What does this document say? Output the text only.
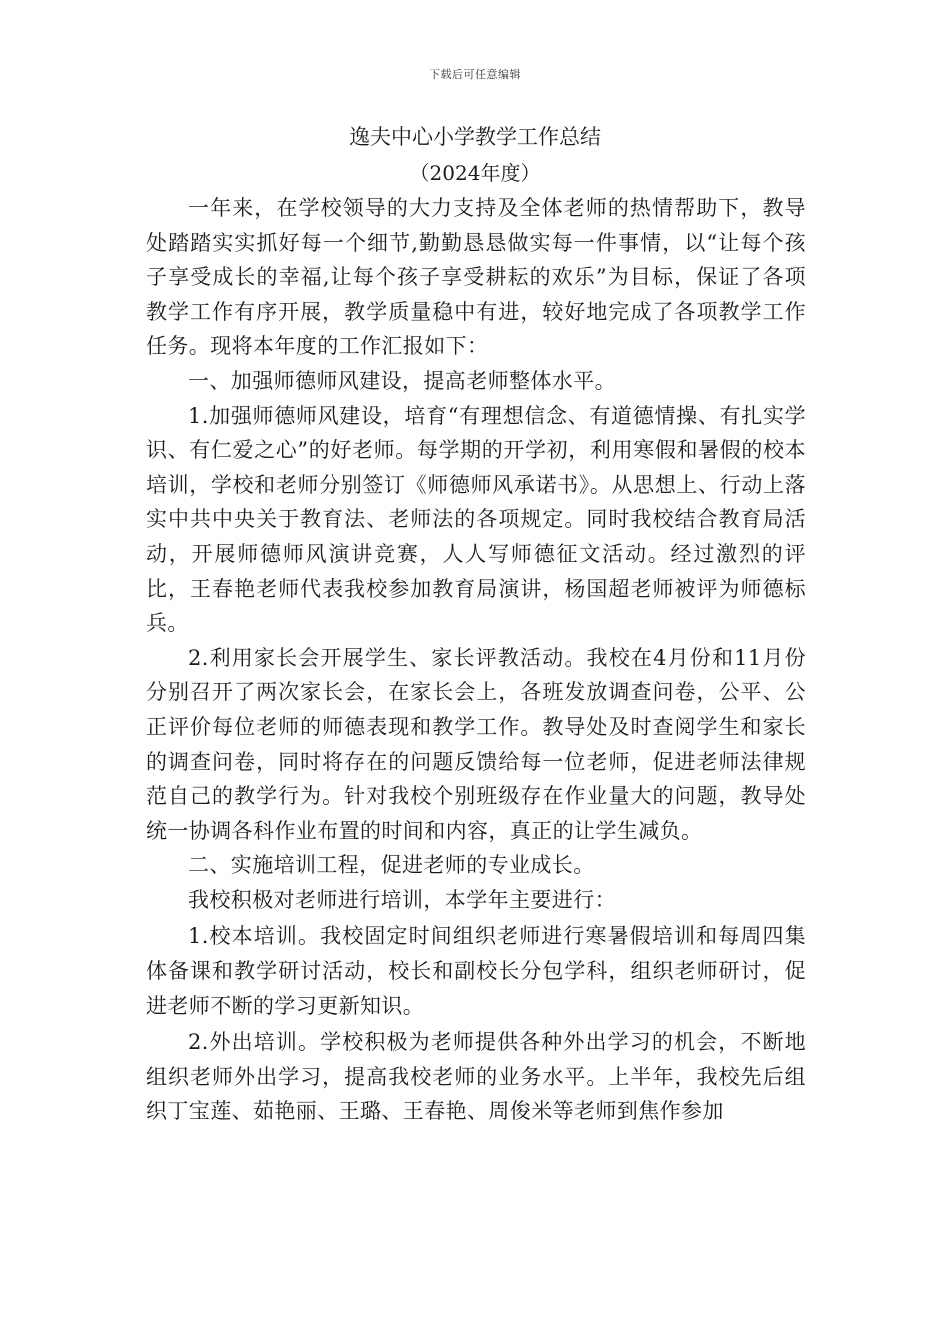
下载后可任意编辑
逸夫中心小学教学工作总结
（2024年度）

一年来，在学校领导的大力支持及全体老师的热情帮助下，教导处踏踏实实抓好每一个细节,勤勤恳恳做实每一件事情，以“让每个孩子享受成长的幸福,让每个孩子享受耕耘的欢乐”为目标，保证了各项教学工作有序开展，教学质量稳中有进，较好地完成了各项教学工作任务。现将本年度的工作汇报如下：

一、加强师德师风建设，提高老师整体水平。

1.加强师德师风建设，培育“有理想信念、有道德情操、有扎实学识、有仁爱之心”的好老师。每学期的开学初，利用寒假和暑假的校本培训，学校和老师分别签订《师德师风承诺书》。从思想上、行动上落实中共中央关于教育法、老师法的各项规定。同时我校结合教育局活动，开展师德师风演讲竞赛，人人写师德征文活动。经过激烈的评比，王春艳老师代表我校参加教育局演讲，杨国超老师被评为师德标兵。

2.利用家长会开展学生、家长评教活动。我校在4月份和11月份分别召开了两次家长会，在家长会上，各班发放调查问卷，公平、公正评价每位老师的师德表现和教学工作。教导处及时查阅学生和家长的调查问卷，同时将存在的问题反馈给每一位老师，促进老师法律规范自己的教学行为。针对我校个别班级存在作业量大的问题，教导处统一协调各科作业布置的时间和内容，真正的让学生减负。

二、实施培训工程，促进老师的专业成长。

我校积极对老师进行培训，本学年主要进行：

1.校本培训。我校固定时间组织老师进行寒暑假培训和每周四集体备课和教学研讨活动，校长和副校长分包学科，组织老师研讨，促进老师不断的学习更新知识。

2.外出培训。学校积极为老师提供各种外出学习的机会，不断地组织老师外出学习，提高我校老师的业务水平。上半年，我校先后组织丁宝莲、茹艳丽、王璐、王春艳、周俊米等老师到焦作参加
